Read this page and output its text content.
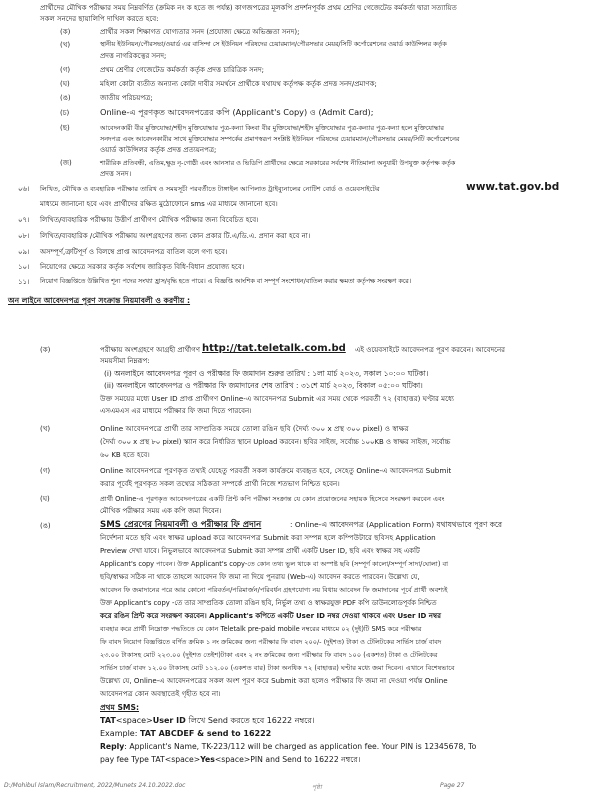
প্রার্থীদের মৌখিক পরীক্ষার সময় নিম্নবর্ণিত (ক্রমিক নং ক হতে জ পর্যন্ত) কাগজপত্রের মূলকপি প্রদর্শনপূর্বক প্রথম শ্রেণির গেজেটেড কর্মকর্তা দ্বারা সত্যায়িত
সকল সনদের ছায়ালিপি দাখিল করতে হবে:
(ক)	প্রার্থীর সকল শিক্ষাগত যোগ্যতার সনদ (প্রযোজ্য ক্ষেত্রে অভিজ্ঞতা সনদ);
(খ)	স্থানীয় ইউনিয়ন/পৌরসভা/ওয়ার্ড এর বাসিন্দা সে ইউনিয়ন পরিষদের চেয়ারম্যান/পৌরসভার মেয়র/সিটি কর্পোরেশনের ওয়ার্ড কাউন্সিলর কর্তৃক
প্রদত্ত নাগরিকত্বের সনদ;
(গ)	প্রথম শ্রেণীর গেজেটেড কর্মকর্তা কর্তৃক প্রদত্ত চারিত্রিক সনদ;
(ঘ)	মহিলা কোটা ব্যতীত অন্যান্য কোটা দাবীর সমর্থনে প্রার্থীকে যথাযথ কর্তৃপক্ষ কর্তৃক প্রদত্ত সনদ/প্রমাণক;
(ঙ)	জাতীয় পরিচয়পত্র;
(চ)	Online-এ পূরণকৃত আবেদনপত্রের কপি (Applicant's Copy) ও (Admit Card);
(ছ)	আবেদনকারী বীর মুক্তিযোদ্ধা/শহীদ মুক্তিযোদ্ধার পুত্র-কন্যা কিংবা বীর মুক্তিযোদ্ধা/শহীদ মুক্তিযোদ্ধার পুত্র-কন্যার পুত্র-কন্যা হলে মুক্তিযোদ্ধার
সনদপত্র এবং আবেদনকারীর সাথে মুক্তিযোদ্ধার সম্পর্কের প্রমাণস্বরূপ সংশ্লিষ্ট ইউনিয়ন পরিষদের চেয়ারম্যান/পৌরসভার মেয়র/সিটি কর্পোরেশনের
ওয়ার্ড কাউন্সিলর কর্তৃক প্রদত্ত প্রত্যয়নপত্র;
(জ)	শারীরিক প্রতিবন্ধী, এতিম,ক্ষুদ্র নৃ-গোষ্ঠী এবং আনসার ও ভিডিপি প্রার্থীদের ক্ষেত্রে সরকারের সর্বশেষ নীতিমালা অনুযায়ী উপযুক্ত কর্তৃপক্ষ কর্তৃক
প্রদত্ত সনদ।
০৬। লিখিত, মৌখিক ও ব্যবহারিক পরীক্ষার তারিখ ও সময়সূচী পরবর্তীতে টাঙ্গাইল আপিলাত ট্রাইব্যুনালের নোটিশ বোর্ড ও ওয়েবসাইটের	www.tat.gov.bd
মাধ্যমে জানানো হবে এবং প্রার্থীদের রক্ষিত মুঠোফোনে sms এর মাধ্যমে জানানো হবে।
০৭। লিখিত/ব্যবহারিক পরীক্ষায় উত্তীর্ণ প্রার্থীগণ মৌখিক পরীক্ষার জন্য বিবেচিত হবে।
০৮। লিখিত/ব্যবহারিক /মৌখিক পরীক্ষায় অংশগ্রহণের জন্য কোন প্রকার টি.এ/ডি.এ. প্রদান করা হবে না।
০৯। অসম্পূর্ণ,ত্রুটিপূর্ণ ও বিলম্বে প্রাপ্ত আবেদনপত্র বাতিল বলে গণ্য হবে।
১০। নিয়োগের ক্ষেত্রে সরকার কর্তৃক সর্বশেষ জারিকৃত বিধি-বিধান প্রযোজ্য হবে।
১১। নিয়োগ বিজ্ঞপ্তিতে উল্লিখিত শূন্য পদের সংখ্যা হ্রাস/বৃদ্ধি হতে পারে। এ বিজ্ঞপ্তি আংশিক বা সম্পূর্ণ সংশোধন/বাতিল করার ক্ষমতা কর্তৃপক্ষ সংরক্ষণ করে।
অন লাইনে আবেদনপত্র পূরণ সংক্রান্ত নিয়মাবলী ও করণীয় :
(ক)	পরীক্ষায় অংশগ্রহণে আগ্রহী প্রার্থীগণ http://tat.teletalk.com.bd এই ওয়েবসাইটে আবেদনপত্র পূরণ করবেন। আবেদনের
সময়সীমা নিম্নরূপ:
(i) অনলাইনে আবেদনপত্র পূরণ ও পরীক্ষার ফি জমাদান শুরুর তারিখ : ১লা মার্চ ২০২৩, সকাল ১০:০০ ঘটিকা।
(ii) অনলাইনে আবেদনপত্র ও পরীক্ষার ফি জমাদানের শেষ তারিখ : ৩১শে মার্চ ২০২৩, বিকাল ০৫:০০ ঘটিকা।
উক্ত সময়ের মধ্যে User ID প্রাপ্ত প্রার্থীগণ Online-এ আবেদনপত্র Submit এর সময় থেকে পরবর্তী ৭২ (বাহাত্তর) ঘণ্টার মধ্যে
এসএমএস এর মাধ্যমে পরীক্ষার ফি জমা দিতে পারবেন।
(খ)	Online আবেদনপত্রে প্রার্থী তার সাম্প্রতিক সময়ে তোলা রঙিন ছবি (দৈর্ঘ্য ৩০০ x প্রস্থ ৩০০ pixel) ও স্বাক্ষর
(দৈর্ঘ্য ৩০০ x প্রস্থ ৮০ pixel) স্ক্যান করে নির্ধারিত স্থানে Upload করবেন। ছবির সাইজ, সর্বোচ্চ ১০০KB ও স্বাক্ষর সাইজ, সর্বোচ্চ
৬০ KB হতে হবে।
(গ)	Online আবেদনপত্রে পূরণকৃত তথ্যই যেহেতু পরবর্তী সকল কার্যক্রমে ব্যবহৃত হবে, সেহেতু Online-এ আবেদনপত্র Submit
করার পূর্বেই পূরণকৃত সকল তথ্যের সঠিকতা সম্পর্কে প্রার্থী নিজে শতভাগ নিশ্চিত হবেন।
(ঘ)	প্রার্থী Online-এ পূরণকৃত আবেদনপত্রের একটি প্রিন্ট কপি পরীক্ষা সংক্রান্ত যে কোন প্রয়োজনের সহায়ক হিসেবে সংরক্ষণ করবেন এবং
মৌখিক পরীক্ষার সময় এক কপি জমা দিবেন।
(ঙ)	SMS প্রেরণের নিয়মাবলী ও পরীক্ষার ফি প্রদান	: Online-এ আবেদনপত্র (Application Form) যথাযথভাবে পূরণ করে
নির্দেশনা মতে ছবি এবং স্বাক্ষর upload করে আবেদনপত্র Submit করা সম্পন্ন হলে কম্পিউটারে ছবিসহ Application
Preview দেখা যাবে। নিভুলভাবে আবেদনপত্র Submit করা সম্পন্ন প্রার্থী একটি User ID, ছবি এবং স্বাক্ষর সহ একটি
Applicant's copy পাবেন। উক্ত Applicant's copy-তে কোন তথ্য ভুল থাকে বা অস্পষ্ট ছবি (সম্পূর্ণ কালো/সম্পূর্ণ সাদা/ঘোলা) বা
ছবি/স্বাক্ষর সঠিক না থাকে তাহলে আবেদন ফি জমা না দিয়ে পুনরায় (Web-এ) আবেদন করতে পারবেন। উল্লেখ্য যে,
আবেদন ফি জমাদানের পরে আর কোনো পরিবর্তন/পরিমার্জন/পরিবর্ধন গ্রহণযোগ্য নয় বিধায় আবেদন ফি জমাদানের পূর্বে প্রার্থী অবশ্যই
উক্ত Applicant's copy -তে তার সাম্প্রতিক তোলা রঙিন ছবি, নির্ভুল তথ্য ও স্বাক্ষরযুক্ত PDF কপি ডাউনলোডপূর্বক নিশ্চিত
করে রঙিন প্রিন্ট করে সংরক্ষণ করবেন। Applicant's কপিতে একটি User ID নম্বর দেওয়া থাকবে এবং User ID নম্বর
ব্যবহার করে প্রার্থী নিম্নোক্ত পদ্ধতিতে যে কোন Teletalk pre-paid mobile নম্বরের মাধ্যমে ০২ (দুই)টি SMS করে পরীক্ষার
ফি বাবদ নিয়োগ বিজ্ঞপ্তিতে বর্ণিত ক্রমিক ১ নং ক্রমিকের জন্য পরীক্ষার ফি বাবদ ২০০/- (দুইশত) টাকা ও টেলিটকের সার্ভিস চার্জ বাবদ
২৩.০০ টাকাসহ মোট ২২৩.০০ (দুইশত তেইশ)টাকা এবং ২ নং ক্রমিকের জন্য পরীক্ষার ফি বাবদ ১০০ (একশত) টাকা ও টেলিটকের
সার্ভিস চার্জ বাবদ ১২.০০ টাকাসহ মোট ১১২.০০ (একশত বার) টাকা অনধিক ৭২ (বাহাত্তর) ঘণ্টার মধ্যে জমা দিবেন। এখানে বিশেষভাবে
উল্লেখ্য যে, Online-এ আবেদনপত্রের সকল অংশ পূরণ করে Submit করা হলেও পরীক্ষার ফি জমা না দেওয়া পর্যন্ত Online
আবেদনপত্র কোন অবস্থাতেই গৃহীত হবে না।
প্রথম SMS:
TAT<space>User ID লিখে Send করতে হবে 16222 নম্বরে।
Example: TAT ABCDEF & send to 16222
Reply: Applicant's Name, TK-223/112 will be charged as application fee. Your PIN is 12345678, To
pay fee Type TAT<space>Yes<space>PIN and Send to 16222 নম্বরে।
D:/Mohibul Islam/Recruitment, 2022/Munets 24.10.2022.doc	পৃষ্ঠা	Page 27
